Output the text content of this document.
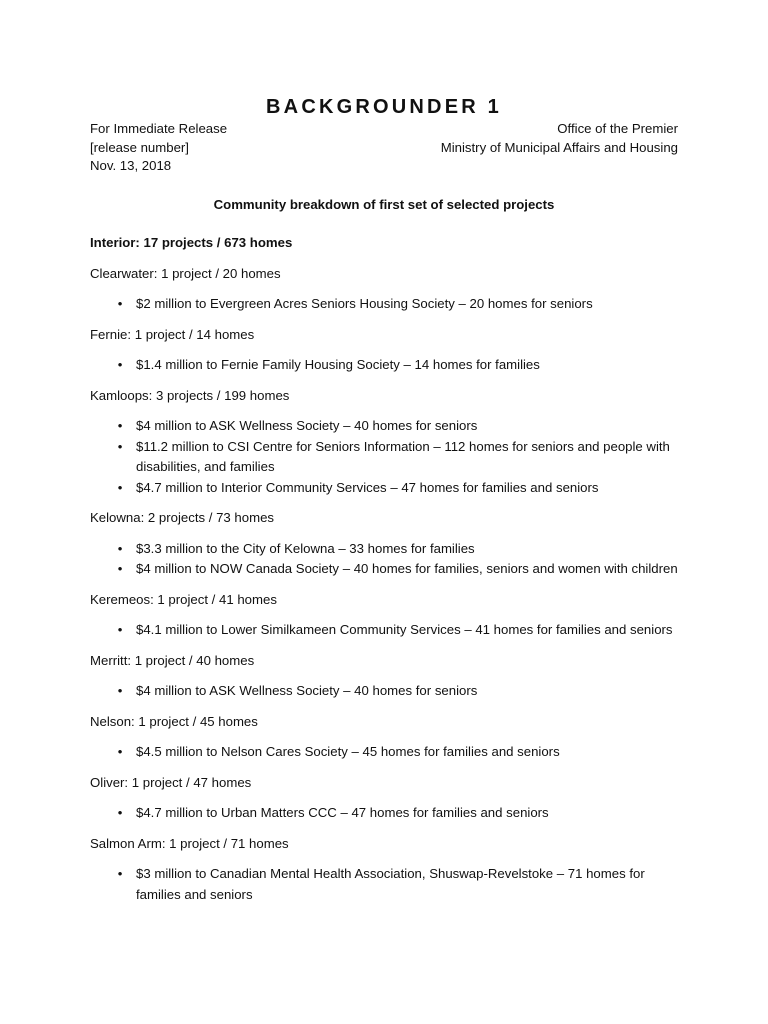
BACKGROUNDER 1
For Immediate Release
[release number]
Nov. 13, 2018
Office of the Premier
Ministry of Municipal Affairs and Housing
Community breakdown of first set of selected projects
Interior: 17 projects / 673 homes
Clearwater: 1 project / 20 homes
• $2 million to Evergreen Acres Seniors Housing Society – 20 homes for seniors
Fernie: 1 project / 14 homes
• $1.4 million to Fernie Family Housing Society – 14 homes for families
Kamloops: 3 projects / 199 homes
• $4 million to ASK Wellness Society – 40 homes for seniors
• $11.2 million to CSI Centre for Seniors Information – 112 homes for seniors and people with disabilities, and families
• $4.7 million to Interior Community Services – 47 homes for families and seniors
Kelowna: 2 projects / 73 homes
• $3.3 million to the City of Kelowna – 33 homes for families
• $4 million to NOW Canada Society – 40 homes for families, seniors and women with children
Keremeos: 1 project / 41 homes
• $4.1 million to Lower Similkameen Community Services – 41 homes for families and seniors
Merritt: 1 project / 40 homes
• $4 million to ASK Wellness Society – 40 homes for seniors
Nelson: 1 project / 45 homes
• $4.5 million to Nelson Cares Society – 45 homes for families and seniors
Oliver: 1 project / 47 homes
• $4.7 million to Urban Matters CCC – 47 homes for families and seniors
Salmon Arm: 1 project / 71 homes
• $3 million to Canadian Mental Health Association, Shuswap-Revelstoke – 71 homes for families and seniors
